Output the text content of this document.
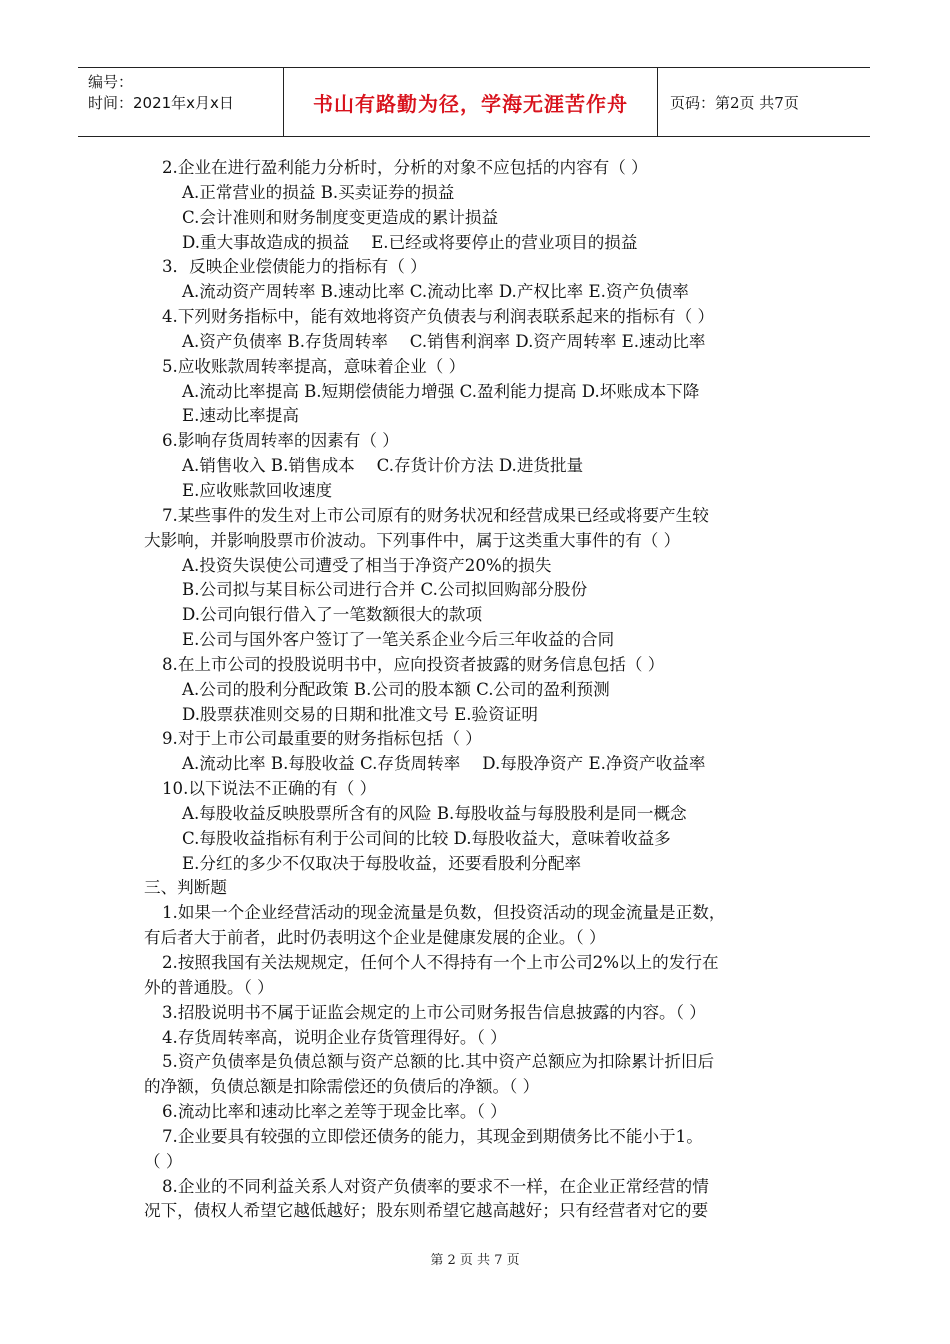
编号：
时间：2021年x月x日	书山有路勤为径，学海无涯苦作舟	页码：第2页 共7页
2.企业在进行盈利能力分析时，分析的对象不应包括的内容有（ ）
A.正常营业的损益 B.买卖证券的损益
C.会计准则和财务制度变更造成的累计损益
D.重大事故造成的损益　 E.已经或将要停止的营业项目的损益
3．反映企业偿债能力的指标有（ ）
A.流动资产周转率 B.速动比率 C.流动比率 D.产权比率 E.资产负债率
4.下列财务指标中，能有效地将资产负债表与利润表联系起来的指标有（ ）
A.资产负债率 B.存货周转率　 C.销售利润率 D.资产周转率 E.速动比率
5.应收账款周转率提高，意味着企业（ ）
A.流动比率提高 B.短期偿债能力增强 C.盈利能力提高 D.坏账成本下降
E.速动比率提高
6.影响存货周转率的因素有（ ）
A.销售收入 B.销售成本　 C.存货计价方法 D.进货批量
E.应收账款回收速度
7.某些事件的发生对上市公司原有的财务状况和经营成果已经或将要产生较
大影响，并影响股票市价波动。下列事件中，属于这类重大事件的有（ ）
A.投资失误使公司遭受了相当于净资产20%的损失
B.公司拟与某目标公司进行合并 C.公司拟回购部分股份
D.公司向银行借入了一笔数额很大的款项
E.公司与国外客户签订了一笔关系企业今后三年收益的合同
8.在上市公司的投股说明书中，应向投资者披露的财务信息包括（ ）
A.公司的股利分配政策 B.公司的股本额 C.公司的盈利预测
D.股票获准则交易的日期和批准文号 E.验资证明
9.对于上市公司最重要的财务指标包括（ ）
A.流动比率 B.每股收益 C.存货周转率　 D.每股净资产 E.净资产收益率
10.以下说法不正确的有（ ）
A.每股收益反映股票所含有的风险 B.每股收益与每股股利是同一概念
C.每股收益指标有利于公司间的比较 D.每股收益大，意味着收益多
E.分红的多少不仅取决于每股收益，还要看股利分配率
三、判断题
1.如果一个企业经营活动的现金流量是负数，但投资活动的现金流量是正数，
有后者大于前者，此时仍表明这个企业是健康发展的企业。（ ）
2.按照我国有关法规规定，任何个人不得持有一个上市公司2%以上的发行在
外的普通股。（ ）
3.招股说明书不属于证监会规定的上市公司财务报告信息披露的内容。（ ）
4.存货周转率高，说明企业存货管理得好。（ ）
5.资产负债率是负债总额与资产总额的比.其中资产总额应为扣除累计折旧后
的净额，负债总额是扣除需偿还的负债后的净额。（ ）
6.流动比率和速动比率之差等于现金比率。（ ）
7.企业要具有较强的立即偿还债务的能力，其现金到期债务比不能小于1。
（ ）
8.企业的不同利益关系人对资产负债率的要求不一样，在企业正常经营的情
况下，债权人希望它越低越好；股东则希望它越高越好；只有经营者对它的要
第 2 页 共 7 页
